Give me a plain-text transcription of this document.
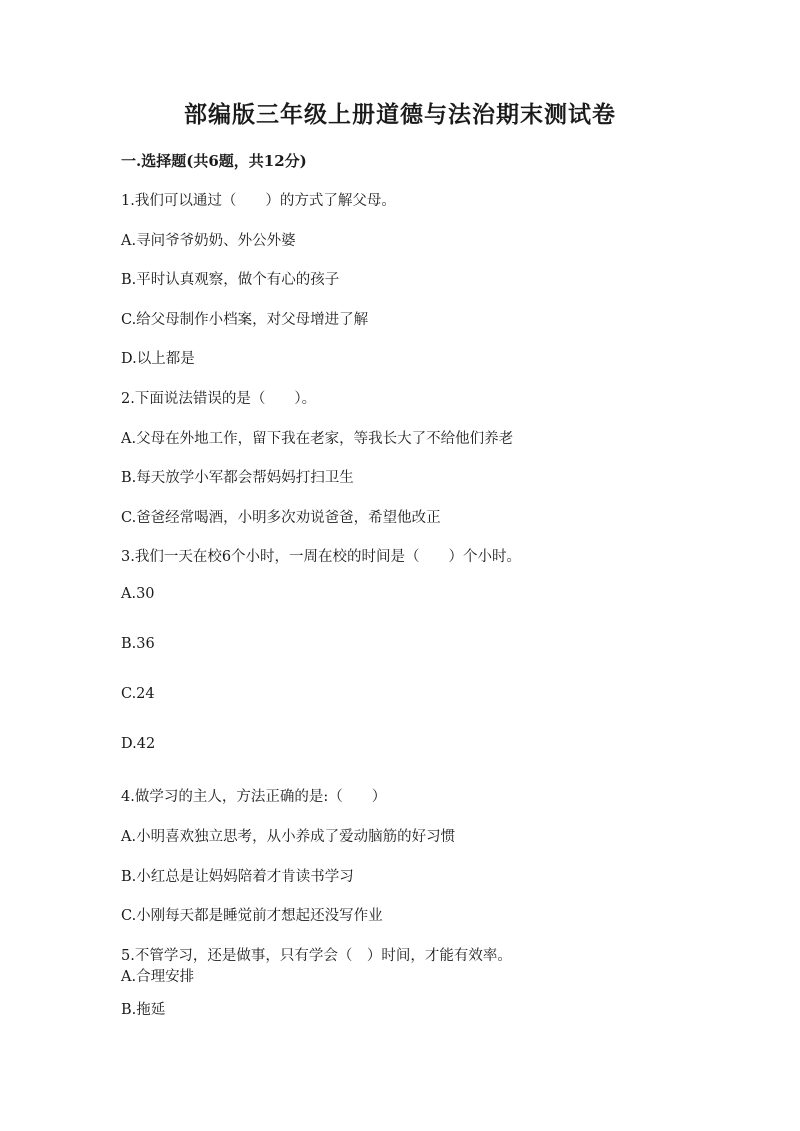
部编版三年级上册道德与法治期末测试卷
一.选择题(共6题，共12分)
1.我们可以通过（　　）的方式了解父母。
A.寻问爷爷奶奶、外公外婆
B.平时认真观察，做个有心的孩子
C.给父母制作小档案，对父母增进了解
D.以上都是
2.下面说法错误的是（　　）。
A.父母在外地工作，留下我在老家，等我长大了不给他们养老
B.每天放学小军都会帮妈妈打扫卫生
C.爸爸经常喝酒，小明多次劝说爸爸，希望他改正
3.我们一天在校6个小时，一周在校的时间是（　　）个小时。
A.30
B.36
C.24
D.42
4.做学习的主人，方法正确的是:（　　）
A.小明喜欢独立思考，从小养成了爱动脑筋的好习惯
B.小红总是让妈妈陪着才肯读书学习
C.小刚每天都是睡觉前才想起还没写作业
5.不管学习，还是做事，只有学会（　）时间，才能有效率。
A.合理安排
B.拖延
